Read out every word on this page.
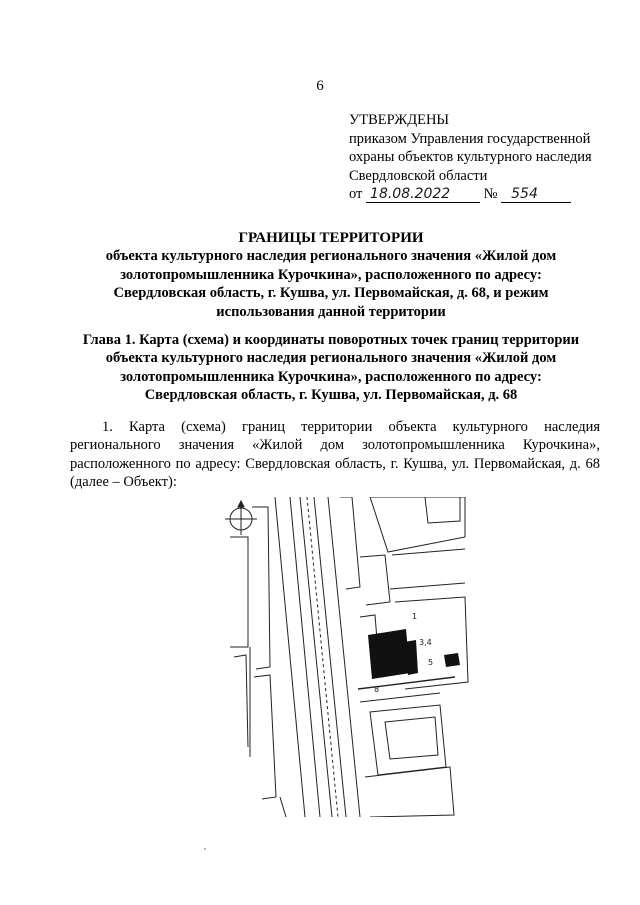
6
УТВЕРЖДЕНЫ
приказом Управления государственной
охраны объектов культурного наследия
Свердловской области
от 18.08.2022 № 554
ГРАНИЦЫ ТЕРРИТОРИИ
объекта культурного наследия регионального значения «Жилой дом
золотопромышленника Курочкина», расположенного по адресу:
Свердловская область, г. Кушва, ул. Первомайская, д. 68, и режим
использования данной территории
Глава 1. Карта (схема) и координаты поворотных точек границ территории
объекта культурного наследия регионального значения «Жилой дом
золотопромышленника Курочкина», расположенного по адресу:
Свердловская область, г. Кушва, ул. Первомайская, д. 68
1. Карта (схема) границ территории объекта культурного наследия
регионального значения «Жилой дом золотопромышленника Курочкина»,
расположенного по адресу: Свердловская область, г. Кушва, ул. Первомайская, д. 68
(далее – Объект):
1
3,4
5
8
